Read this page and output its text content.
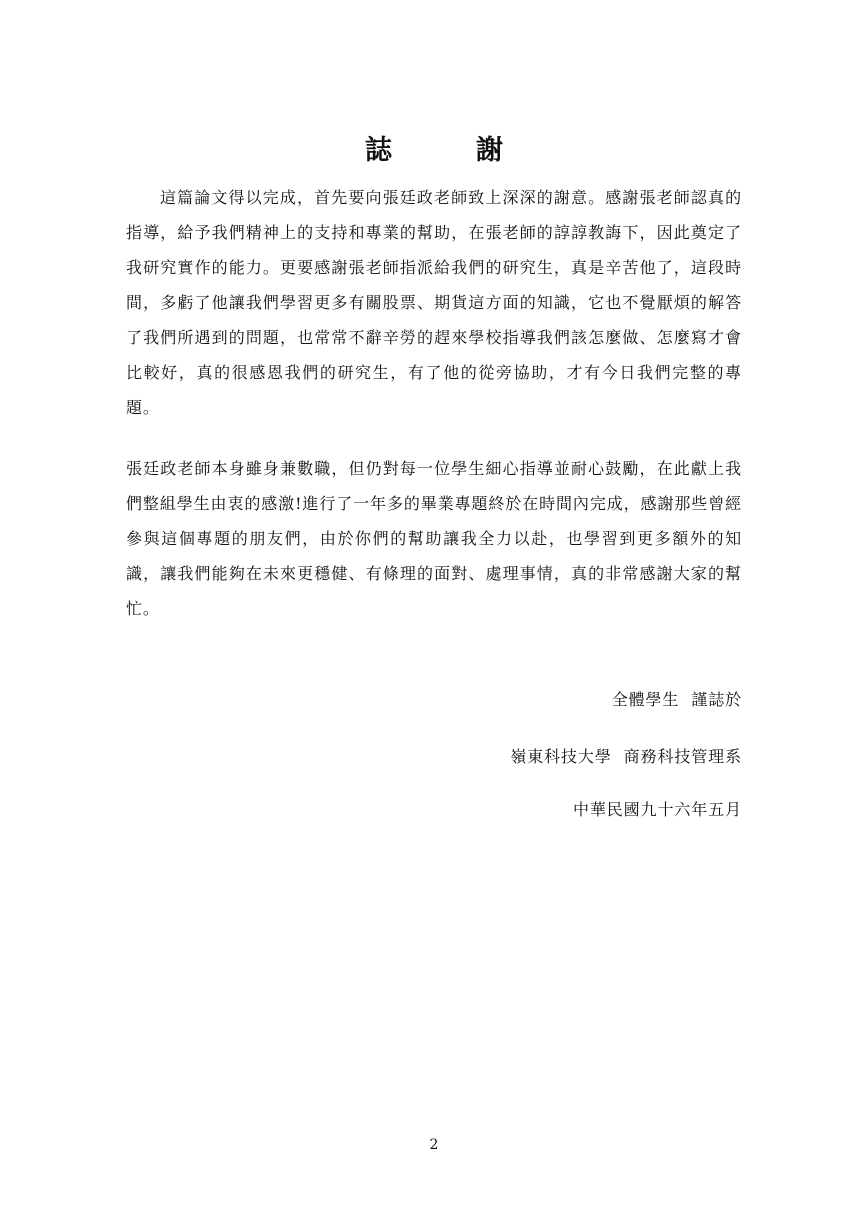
誌	謝

這篇論文得以完成，首先要向張廷政老師致上深深的謝意。感謝張老師認真的指導，給予我們精神上的支持和專業的幫助，在張老師的諄諄教誨下，因此奠定了我研究實作的能力。更要感謝張老師指派給我們的研究生，真是辛苦他了，這段時間，多虧了他讓我們學習更多有關股票、期貨這方面的知識，它也不覺厭煩的解答了我們所遇到的問題，也常常不辭辛勞的趕來學校指導我們該怎麼做、怎麼寫才會比較好，真的很感恩我們的研究生，有了他的從旁協助，才有今日我們完整的專題。

張廷政老師本身雖身兼數職，但仍對每一位學生細心指導並耐心鼓勵，在此獻上我們整組學生由衷的感激!進行了一年多的畢業專題終於在時間內完成，感謝那些曾經參與這個專題的朋友們，由於你們的幫助讓我全力以赴，也學習到更多額外的知識，讓我們能夠在未來更穩健、有條理的面對、處理事情，真的非常感謝大家的幫忙。

全體學生  謹誌於
嶺東科技大學  商務科技管理系
中華民國九十六年五月
2
